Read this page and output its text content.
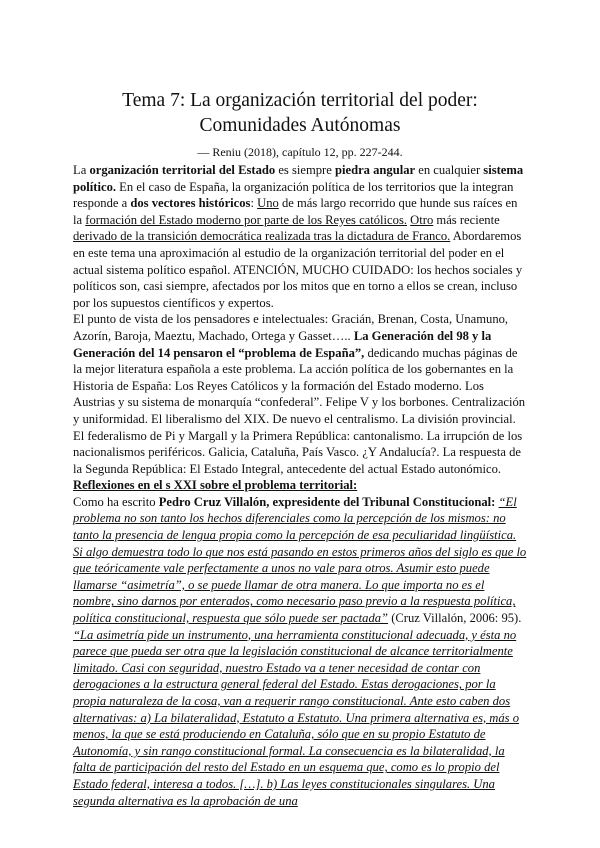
Tema 7: La organización territorial del poder:
Comunidades Autónomas

— Reniu (2018), capítulo 12, pp. 227-244.

La organización territorial del Estado es siempre piedra angular en cualquier sistema político. En el caso de España, la organización política de los territorios que la integran responde a dos vectores históricos: Uno de más largo recorrido que hunde sus raíces en la formación del Estado moderno por parte de los Reyes católicos. Otro más reciente derivado de la transición democrática realizada tras la dictadura de Franco. Abordaremos en este tema una aproximación al estudio de la organización territorial del poder en el actual sistema político español. ATENCIÓN, MUCHO CUIDADO: los hechos sociales y políticos son, casi siempre, afectados por los mitos que en torno a ellos se crean, incluso por los supuestos científicos y expertos.

El punto de vista de los pensadores e intelectuales: Gracián, Brenan, Costa, Unamuno, Azorín, Baroja, Maeztu, Machado, Ortega y Gasset….. La Generación del 98 y la Generación del 14 pensaron el “problema de España”, dedicando muchas páginas de la mejor literatura española a este problema. La acción política de los gobernantes en la Historia de España: Los Reyes Católicos y la formación del Estado moderno. Los Austrias y su sistema de monarquía “confederal”. Felipe V y los borbones. Centralización y uniformidad. El liberalismo del XIX. De nuevo el centralismo. La división provincial. El federalismo de Pi y Margall y la Primera República: cantonalismo. La irrupción de los nacionalismos periféricos. Galicia, Cataluña, País Vasco. ¿Y Andalucía?. La respuesta de la Segunda República: El Estado Integral, antecedente del actual Estado autonómico.

Reflexiones en el s XXI sobre el problema territorial:

Como ha escrito Pedro Cruz Villalón, expresidente del Tribunal Constitucional: “El problema no son tanto los hechos diferenciales como la percepción de los mismos: no tanto la presencia de lengua propia como la percepción de esa peculiaridad lingüística. Si algo demuestra todo lo que nos está pasando en estos primeros años del siglo es que lo que teóricamente vale perfectamente a unos no vale para otros. Asumir esto puede llamarse “asimetría”, o se puede llamar de otra manera. Lo que importa no es el nombre, sino darnos por enterados, como necesario paso previo a la respuesta política, política constitucional, respuesta que sólo puede ser pactada” (Cruz Villalón, 2006: 95).

“La asimetría pide un instrumento, una herramienta constitucional adecuada, y ésta no parece que pueda ser otra que la legislación constitucional de alcance territorialmente limitado. Casi con seguridad, nuestro Estado va a tener necesidad de contar con derogaciones a la estructura general federal del Estado. Estas derogaciones, por la propia naturaleza de la cosa, van a requerir rango constitucional. Ante esto caben dos alternativas: a) La bilateralidad, Estatuto a Estatuto. Una primera alternativa es, más o menos, la que se está produciendo en Cataluña, sólo que en su propio Estatuto de Autonomía, y sin rango constitucional formal. La consecuencia es la bilateralidad, la falta de participación del resto del Estado en un esquema que, como es lo propio del Estado federal, interesa a todos. […]. b) Las leyes constitucionales singulares. Una segunda alternativa es la aprobación de una
